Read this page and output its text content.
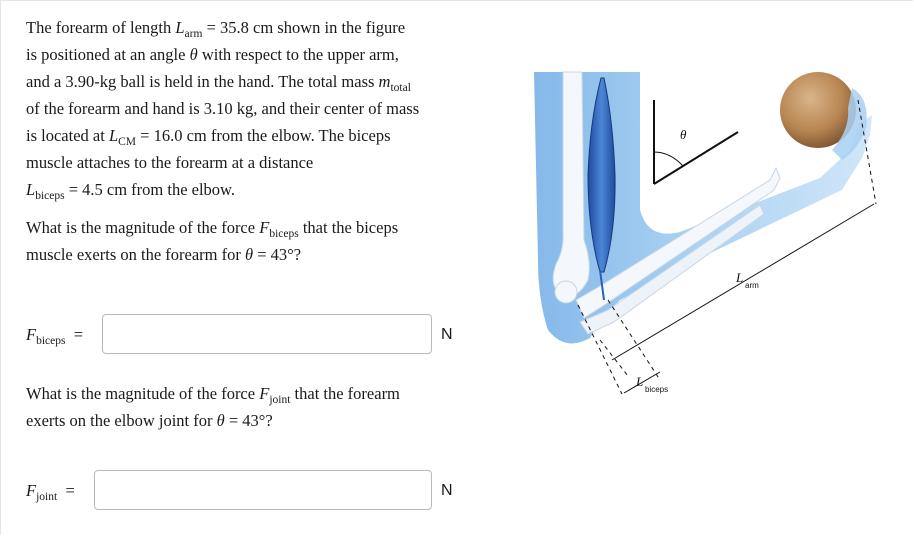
The forearm of length $L_{arm} = 35.8$ cm shown in the figure

is positioned at an angle θ with respect to the upper arm,

and a 3.90-kg ball is held in the hand. The total mass $m_{total}$

of the forearm and hand is 3.10 kg, and their center of mass

is located at $L_{CM} = 16.0$ cm from the elbow. The biceps

muscle attaches to the forearm at a distance

$L_{biceps} = 4.5$ cm from the elbow.

What is the magnitude of the force $F_{biceps}$ that the biceps

muscle exerts on the forearm for θ = 43°?

$F_{biceps}$ =	N

What is the magnitude of the force $F_{joint}$ that the forearm

exerts on the elbow joint for θ = 43°?

$F_{joint}$ =	N
θ
L
arm
L
biceps
